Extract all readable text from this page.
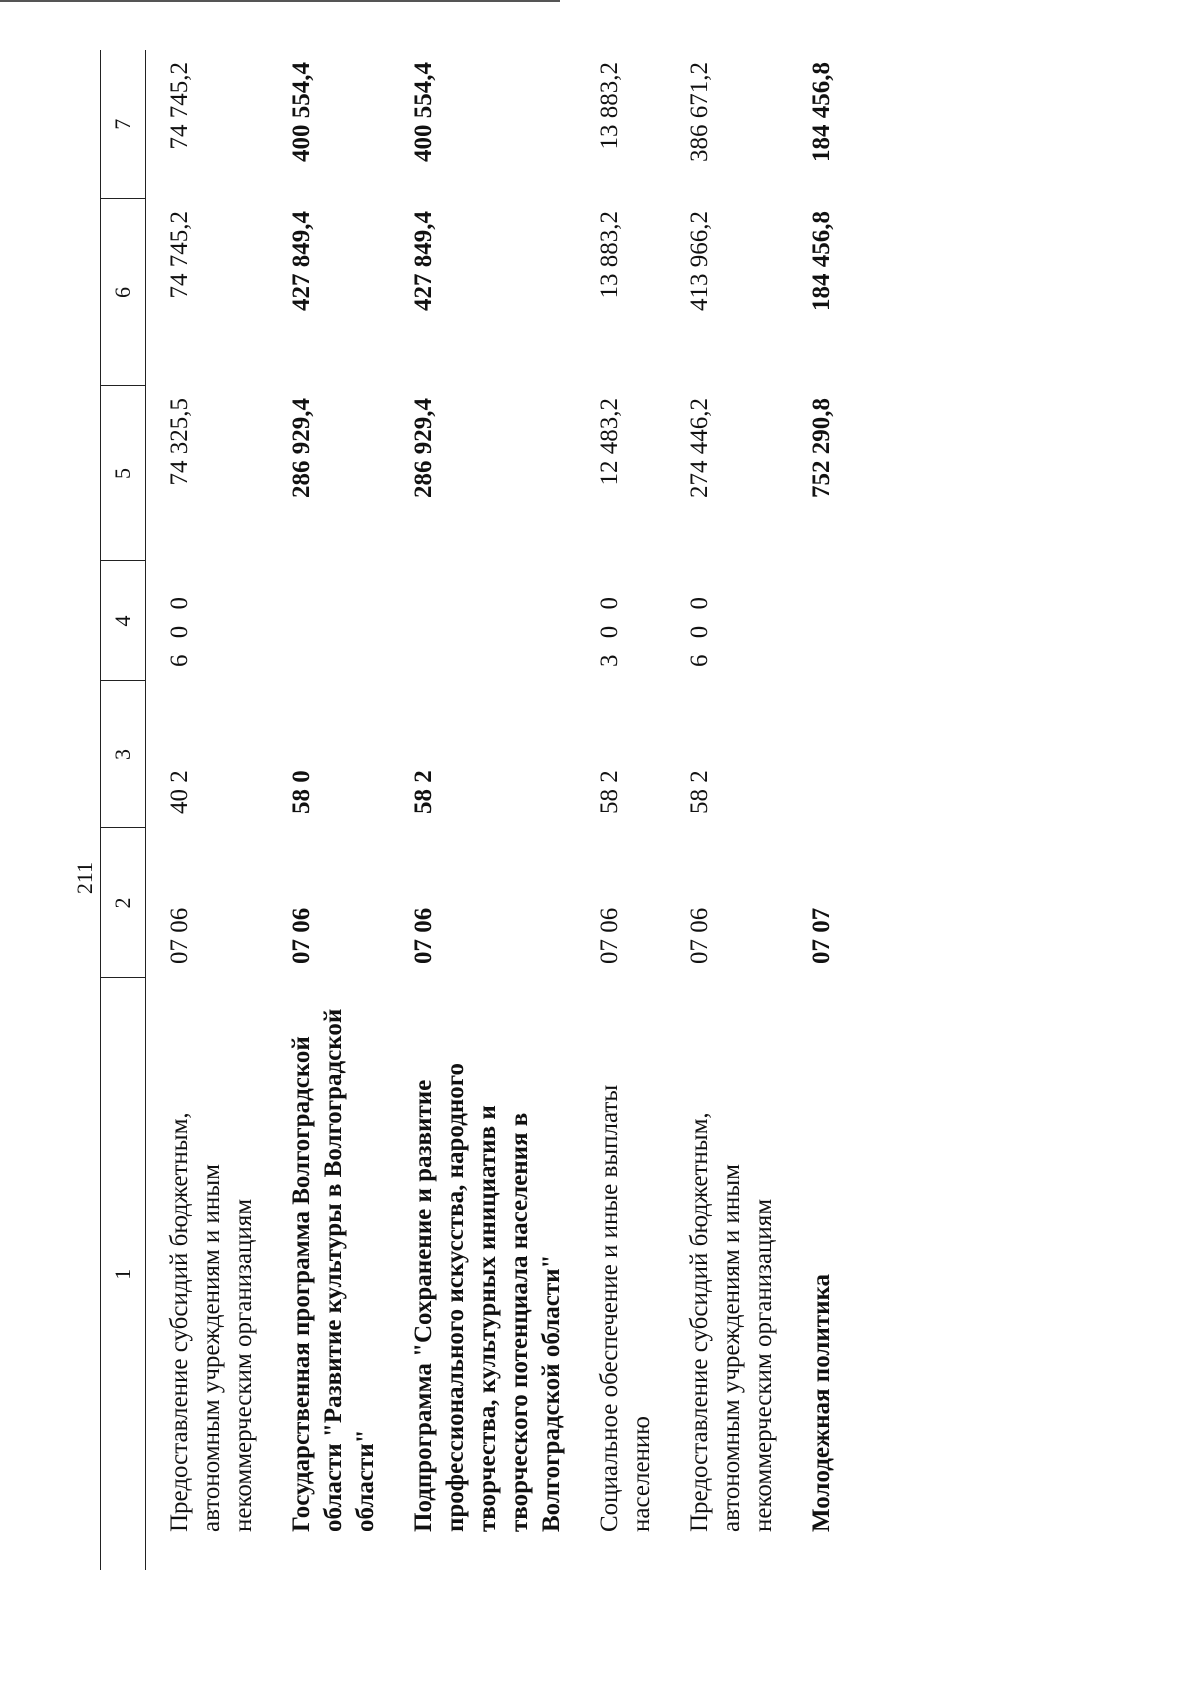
211
1	2	3	4	5	6	7
Предоставление субсидий бюджетным, автономным учреждениям и иным некоммерческим организациям	07 06	40 2	6 0 0	74 325,5	74 745,2	74 745,2
Государственная программа Волгоградской области "Развитие культуры в Волгоградской области"	07 06	58 0		286 929,4	427 849,4	400 554,4
Подпрограмма "Сохранение и развитие профессионального искусства, народного творчества, культурных инициатив и творческого потенциала населения в Волгоградской области"	07 06	58 2		286 929,4	427 849,4	400 554,4
Социальное обеспечение и иные выплаты населению	07 06	58 2	3 0 0	12 483,2	13 883,2	13 883,2
Предоставление субсидий бюджетным, автономным учреждениям и иным некоммерческим организациям	07 06	58 2	6 0 0	274 446,2	413 966,2	386 671,2
Молодежная политика	07 07			752 290,8	184 456,8	184 456,8
